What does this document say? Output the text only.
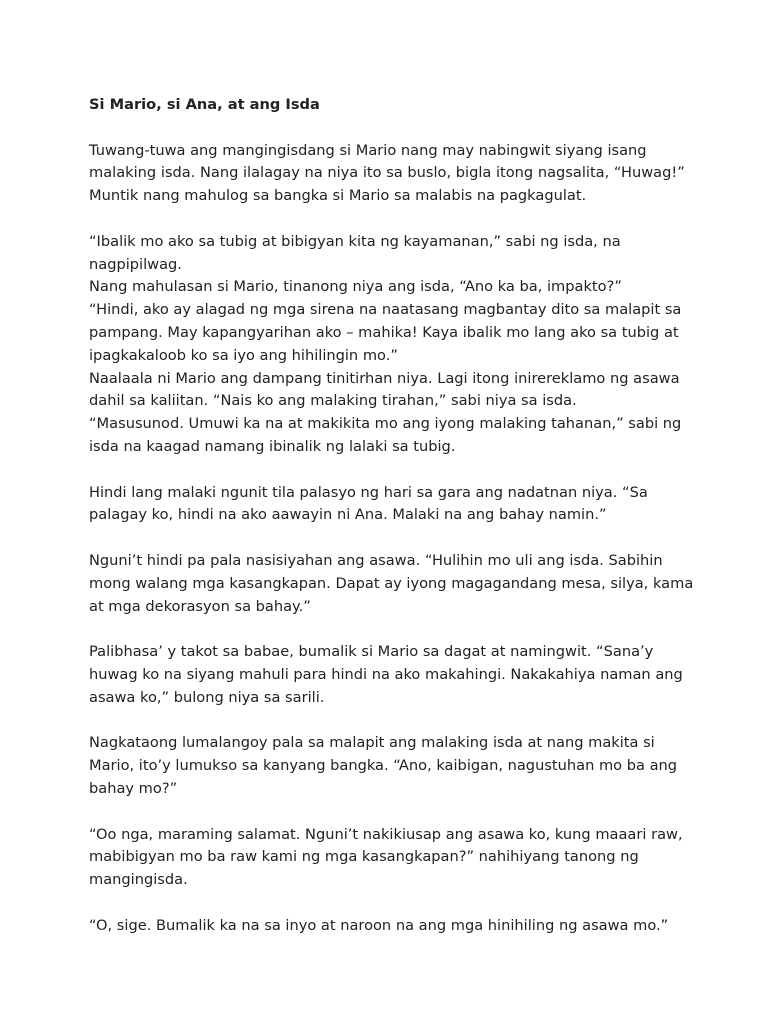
Si Mario, si Ana, at ang Isda
Tuwang-tuwa ang mangingisdang si Mario nang may nabingwit siyang isang
malaking isda. Nang ilalagay na niya ito sa buslo, bigla itong nagsalita, “Huwag!”
Muntik nang mahulog sa bangka si Mario sa malabis na pagkagulat.
“Ibalik mo ako sa tubig at bibigyan kita ng kayamanan,” sabi ng isda, na
nagpipilwag.
Nang mahulasan si Mario, tinanong niya ang isda, “Ano ka ba, impakto?”
“Hindi, ako ay alagad ng mga sirena na naatasang magbantay dito sa malapit sa
pampang. May kapangyarihan ako – mahika! Kaya ibalik mo lang ako sa tubig at
ipagkakaloob ko sa iyo ang hihilingin mo.”
Naalaala ni Mario ang dampang tinitirhan niya. Lagi itong inirereklamo ng asawa
dahil sa kaliitan. “Nais ko ang malaking tirahan,” sabi niya sa isda.
“Masusunod. Umuwi ka na at makikita mo ang iyong malaking tahanan,” sabi ng
isda na kaagad namang ibinalik ng lalaki sa tubig.
Hindi lang malaki ngunit tila palasyo ng hari sa gara ang nadatnan niya. “Sa
palagay ko, hindi na ako aawayin ni Ana. Malaki na ang bahay namin.”
Nguni’t hindi pa pala nasisiyahan ang asawa. “Hulihin mo uli ang isda. Sabihin
mong walang mga kasangkapan. Dapat ay iyong magagandang mesa, silya, kama
at mga dekorasyon sa bahay.”
Palibhasa’ y takot sa babae, bumalik si Mario sa dagat at namingwit. “Sana’y
huwag ko na siyang mahuli para hindi na ako makahingi. Nakakahiya naman ang
asawa ko,” bulong niya sa sarili.
Nagkataong lumalangoy pala sa malapit ang malaking isda at nang makita si
Mario, ito’y lumukso sa kanyang bangka. “Ano, kaibigan, nagustuhan mo ba ang
bahay mo?”
“Oo nga, maraming salamat. Nguni’t nakikiusap ang asawa ko, kung maaari raw,
mabibigyan mo ba raw kami ng mga kasangkapan?” nahihiyang tanong ng
mangingisda.
“O, sige. Bumalik ka na sa inyo at naroon na ang mga hinihiling ng asawa mo.”
